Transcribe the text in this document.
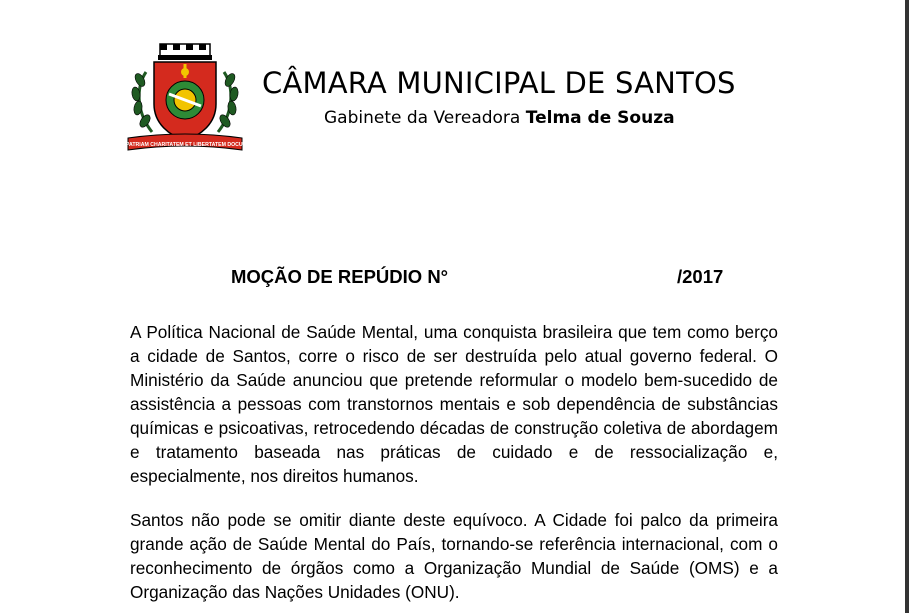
PATRIAM CHARITATEM ET LIBERTATEM DOCUI
CÂMARA MUNICIPAL DE SANTOS
Gabinete da Vereadora Telma de Souza
MOÇÃO DE REPÚDIO N°	/2017
A Política Nacional de Saúde Mental, uma conquista brasileira que tem como berço a cidade de Santos, corre o risco de ser destruída pelo atual governo federal. O Ministério da Saúde anunciou que pretende reformular o modelo bem-sucedido de assistência a pessoas com transtornos mentais e sob dependência de substâncias químicas e psicoativas, retrocedendo décadas de construção coletiva de abordagem e tratamento baseada nas práticas de cuidado e de ressocialização e, especialmente, nos direitos humanos.
Santos não pode se omitir diante deste equívoco. A Cidade foi palco da primeira grande ação de Saúde Mental do País, tornando-se referência internacional, com o reconhecimento de órgãos como a Organização Mundial de Saúde (OMS) e a Organização das Nações Unidades (ONU).
